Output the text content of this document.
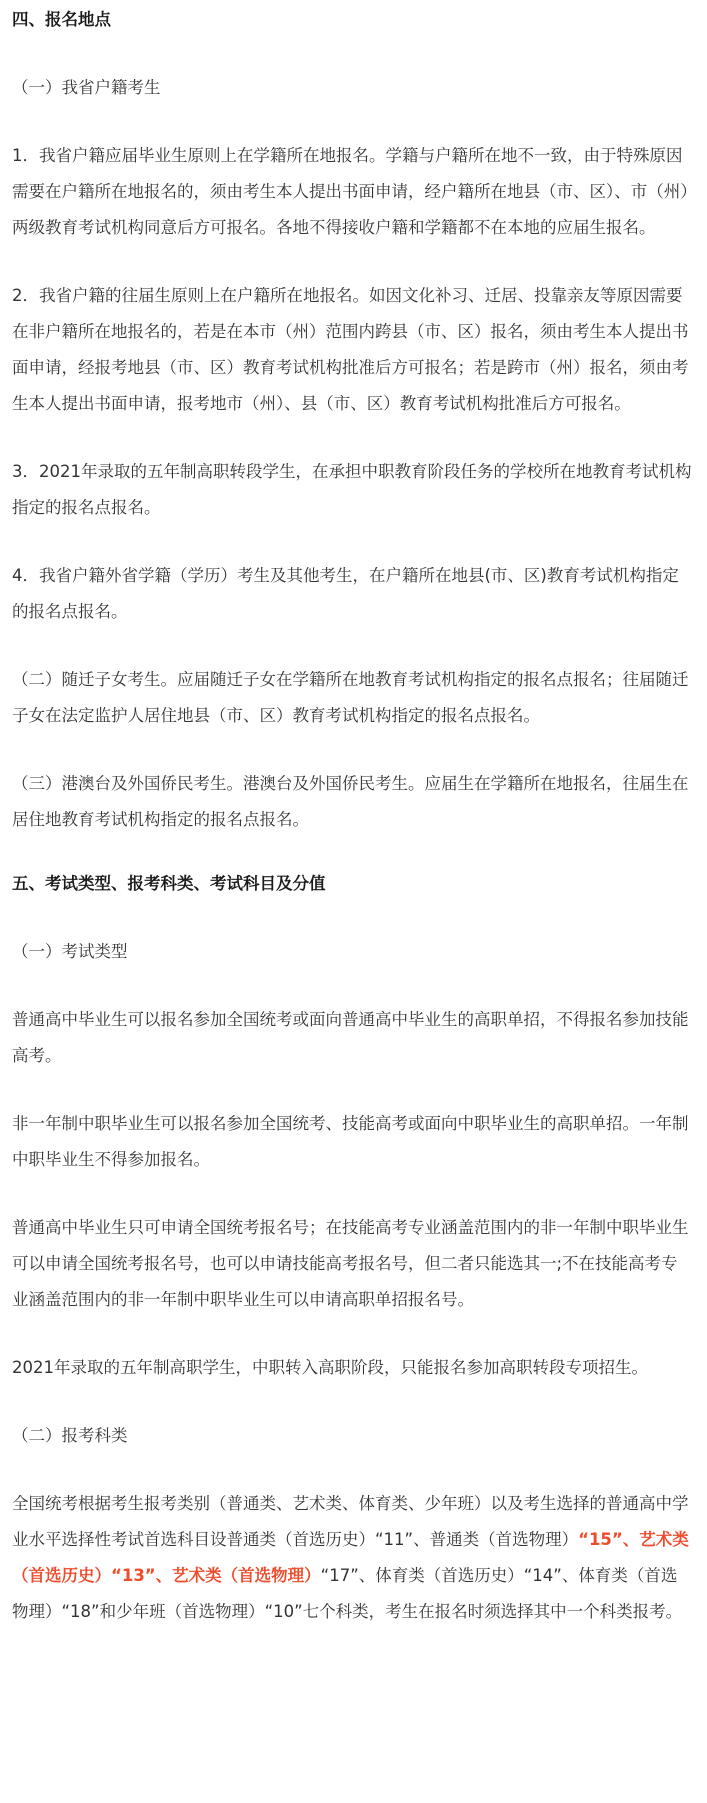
四、报名地点

（一）我省户籍考生

1．我省户籍应届毕业生原则上在学籍所在地报名。学籍与户籍所在地不一致，由于特殊原因需要在户籍所在地报名的，须由考生本人提出书面申请，经户籍所在地县（市、区）、市（州）两级教育考试机构同意后方可报名。各地不得接收户籍和学籍都不在本地的应届生报名。

2．我省户籍的往届生原则上在户籍所在地报名。如因文化补习、迁居、投靠亲友等原因需要在非户籍所在地报名的，若是在本市（州）范围内跨县（市、区）报名，须由考生本人提出书面申请，经报考地县（市、区）教育考试机构批准后方可报名；若是跨市（州）报名，须由考生本人提出书面申请，报考地市（州）、县（市、区）教育考试机构批准后方可报名。

3．2021年录取的五年制高职转段学生，在承担中职教育阶段任务的学校所在地教育考试机构指定的报名点报名。

4．我省户籍外省学籍（学历）考生及其他考生，在户籍所在地县(市、区)教育考试机构指定的报名点报名。

（二）随迁子女考生。应届随迁子女在学籍所在地教育考试机构指定的报名点报名；往届随迁子女在法定监护人居住地县（市、区）教育考试机构指定的报名点报名。

（三）港澳台及外国侨民考生。港澳台及外国侨民考生。应届生在学籍所在地报名，往届生在居住地教育考试机构指定的报名点报名。

五、考试类型、报考科类、考试科目及分值

（一）考试类型

普通高中毕业生可以报名参加全国统考或面向普通高中毕业生的高职单招，不得报名参加技能高考。

非一年制中职毕业生可以报名参加全国统考、技能高考或面向中职毕业生的高职单招。一年制中职毕业生不得参加报名。

普通高中毕业生只可申请全国统考报名号；在技能高考专业涵盖范围内的非一年制中职毕业生可以申请全国统考报名号，也可以申请技能高考报名号，但二者只能选其一;不在技能高考专业涵盖范围内的非一年制中职毕业生可以申请高职单招报名号。

2021年录取的五年制高职学生，中职转入高职阶段，只能报名参加高职转段专项招生。

（二）报考科类

全国统考根据考生报考类别（普通类、艺术类、体育类、少年班）以及考生选择的普通高中学业水平选择性考试首选科目设普通类（首选历史）“11”、普通类（首选物理）“15”、艺术类（首选历史）“13”、艺术类（首选物理）“17”、体育类（首选历史）“14”、体育类（首选物理）“18”和少年班（首选物理）“10”七个科类，考生在报名时须选择其中一个科类报考。
